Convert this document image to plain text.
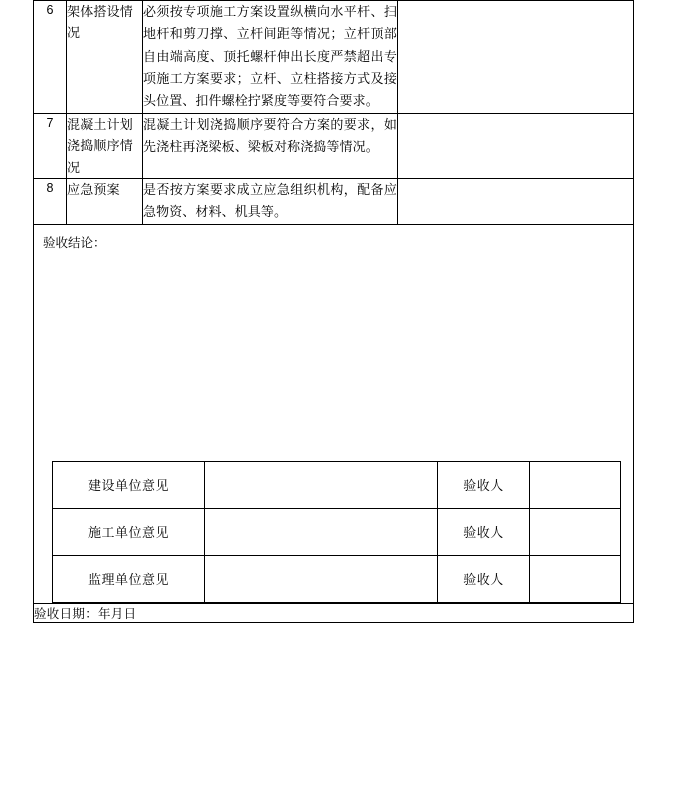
6	架体搭设情况	必须按专项施工方案设置纵横向水平杆、扫地杆和剪刀撑、立杆间距等情况；立杆顶部自由端高度、顶托螺杆伸出长度严禁超出专项施工方案要求；立杆、立柱搭接方式及接头位置、扣件螺栓拧紧度等要符合要求。	
7	混凝土计划浇捣顺序情况	混凝土计划浇捣顺序要符合方案的要求，如先浇柱再浇梁板、梁板对称浇捣等情况。	
8	应急预案	是否按方案要求成立应急组织机构，配备应急物资、材料、机具等。	

验收结论：
建设单位意见		验收人	
施工单位意见		验收人	
监理单位意见		验收人	

验收日期：年月日
